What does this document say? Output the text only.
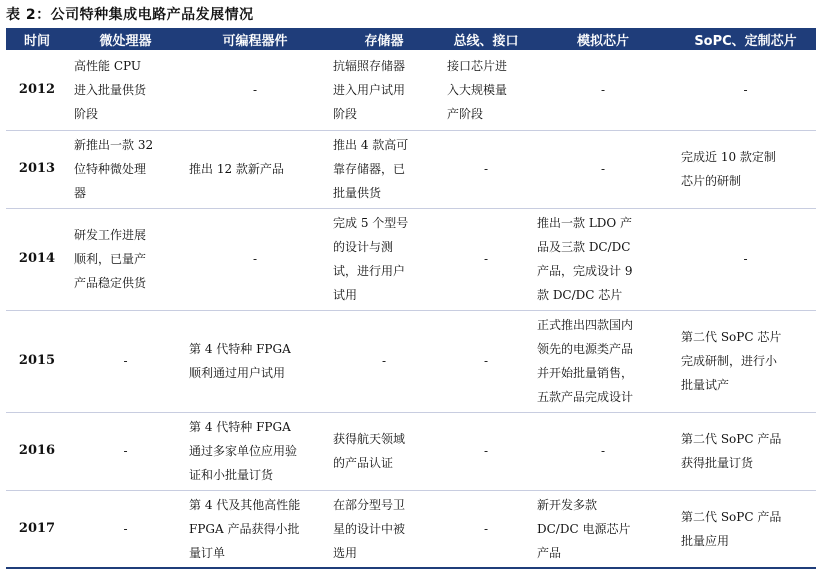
表 2：公司特种集成电路产品发展情况
时间	微处理器	可编程器件	存储器	总线、接口	模拟芯片	SoPC、定制芯片
2012	高性能 CPU
进入批量供货
阶段	-	抗辐照存储器
进入用户试用
阶段	接口芯片进
入大规模量
产阶段	-	-

2013	新推出一款 32
位特种微处理
器	推出 12 款新产品	推出 4 款高可
靠存储器，已
批量供货	-	-	完成近 10 款定制
芯片的研制

2014	研发工作进展
顺利，已量产
产品稳定供货	-	完成 5 个型号
的设计与测
试，进行用户
试用	-	推出一款 LDO 产
品及三款 DC/DC
产品，完成设计 9
款 DC/DC 芯片	-

2015	-	第 4 代特种 FPGA
顺利通过用户试用	-	-	正式推出四款国内
领先的电源类产品
并开始批量销售，
五款产品完成设计	第二代 SoPC 芯片
完成研制，进行小
批量试产

2016	-	第 4 代特种 FPGA
通过多家单位应用验
证和小批量订货	获得航天领域
的产品认证	-	-	第二代 SoPC 产品
获得批量订货

2017	-	第 4 代及其他高性能
FPGA 产品获得小批
量订单	在部分型号卫
星的设计中被
选用	-	新开发多款
DC/DC 电源芯片
产品	第二代 SoPC 产品
批量应用
